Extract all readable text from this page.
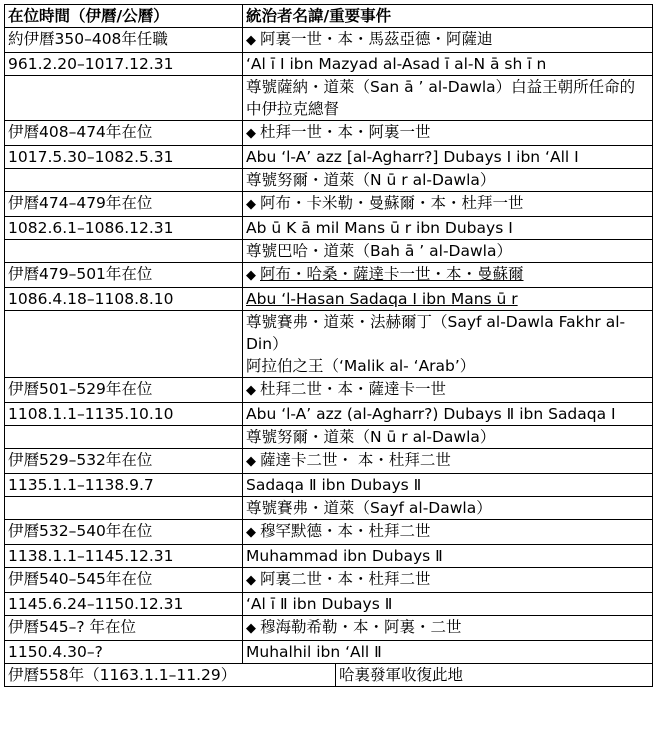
在位時間（伊曆/公曆）	統治者名諱/重要事件
約伊曆350–408年任職	◆ 阿裏一世・本・馬茲亞德・阿薩迪
961.2.20–1017.12.31	‘Al ī Ⅰ ibn Mazyad al-Asad ī al-N ā sh ī n

	尊號薩納・道萊（San ā ’ al-Dawla）白益王朝所任命的中伊拉克總督

伊曆408–474年在位	◆ 杜拜一世・本・阿裏一世
1017.5.30–1082.5.31	Abu ‘l-A’ azz [al-Agharr?] Dubays Ⅰ ibn ‘All Ⅰ

	尊號努爾・道萊（N ū r al-Dawla）

伊曆474–479年在位	◆ 阿布・卡米勒・曼蘇爾・本・杜拜一世
1082.6.1–1086.12.31	Ab ū K ā mil Mans ū r ibn Dubays Ⅰ

	尊號巴哈・道萊（Bah ā ’ al-Dawla）

伊曆479–501年在位	◆ 阿布・哈桑・薩達卡一世・本・曼蘇爾
1086.4.18–1108.8.10	Abu ‘l-Hasan Sadaqa Ⅰ ibn Mans ū r

	尊號賽弗・道萊・法赫爾丁（Sayf al-Dawla Fakhr al-Din）
阿拉伯之王（‘Malik al- ‘Arab’）

伊曆501–529年在位	◆ 杜拜二世・本・薩達卡一世
1108.1.1–1135.10.10	Abu ‘l-A’ azz (al-Agharr?) Dubays Ⅱ ibn Sadaqa Ⅰ

	尊號努爾・道萊（N ū r al-Dawla）

伊曆529–532年在位	◆ 薩達卡二世・ 本・杜拜二世
1135.1.1–1138.9.7	Sadaqa Ⅱ ibn Dubays Ⅱ

	尊號賽弗・道萊（Sayf al-Dawla）

伊曆532–540年在位	◆ 穆罕默德・本・杜拜二世
1138.1.1–1145.12.31	Muhammad ibn Dubays Ⅱ
伊曆540–545年在位	◆ 阿裏二世・本・杜拜二世
1145.6.24–1150.12.31	‘Al ī Ⅱ ibn Dubays Ⅱ
伊曆545–? 年在位	◆ 穆海勒希勒・本・阿裏・二世
1150.4.30–?	Muhalhil ibn ‘All Ⅱ
伊曆558年（1163.1.1–11.29）	哈裏發軍收復此地
